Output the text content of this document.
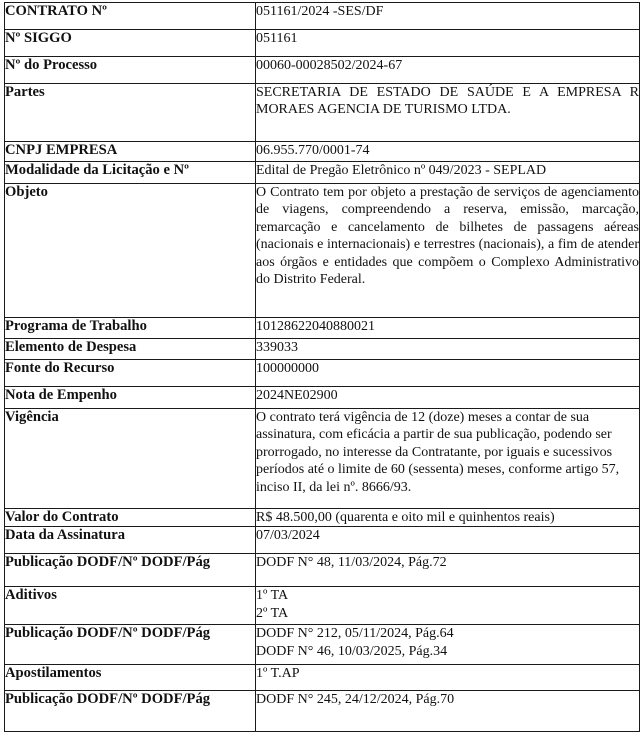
CONTRATO Nº	051161/2024 -SES/DF
Nº SIGGO	051161
Nº do Processo	00060-00028502/2024-67
Partes	SECRETARIA DE ESTADO DE SAÚDE E A EMPRESA R MORAES AGENCIA DE TURISMO LTDA.
CNPJ EMPRESA	06.955.770/0001-74
Modalidade da Licitação e Nº	Edital de Pregão Eletrônico nº 049/2023 - SEPLAD
Objeto	O Contrato tem por objeto a prestação de serviços de agenciamento de viagens, compreendendo a reserva, emissão, marcação, remarcação e cancelamento de bilhetes de passagens aéreas (nacionais e internacionais) e terrestres (nacionais), a fim de atender aos órgãos e entidades que compõem o Complexo Administrativo do Distrito Federal.
Programa de Trabalho	10128622040880021
Elemento de Despesa	339033
Fonte do Recurso	100000000
Nota de Empenho	2024NE02900
Vigência	O contrato terá vigência de 12 (doze) meses a contar de sua assinatura, com eficácia a partir de sua publicação, podendo ser prorrogado, no interesse da Contratante, por iguais e sucessivos períodos até o limite de 60 (sessenta) meses, conforme artigo 57, inciso II, da lei nº. 8666/93.
Valor do Contrato	R$ 48.500,00 (quarenta e oito mil e quinhentos reais)
Data da Assinatura	07/03/2024
Publicação DODF/Nº DODF/Pág	DODF N° 48, 11/03/2024, Pág.72
Aditivos	1º TA
2º TA

Publicação DODF/Nº DODF/Pág	DODF N° 212, 05/11/2024, Pág.64
DODF N° 46, 10/03/2025, Pág.34

Apostilamentos	1º T.AP
Publicação DODF/Nº DODF/Pág	DODF N° 245, 24/12/2024, Pág.70
